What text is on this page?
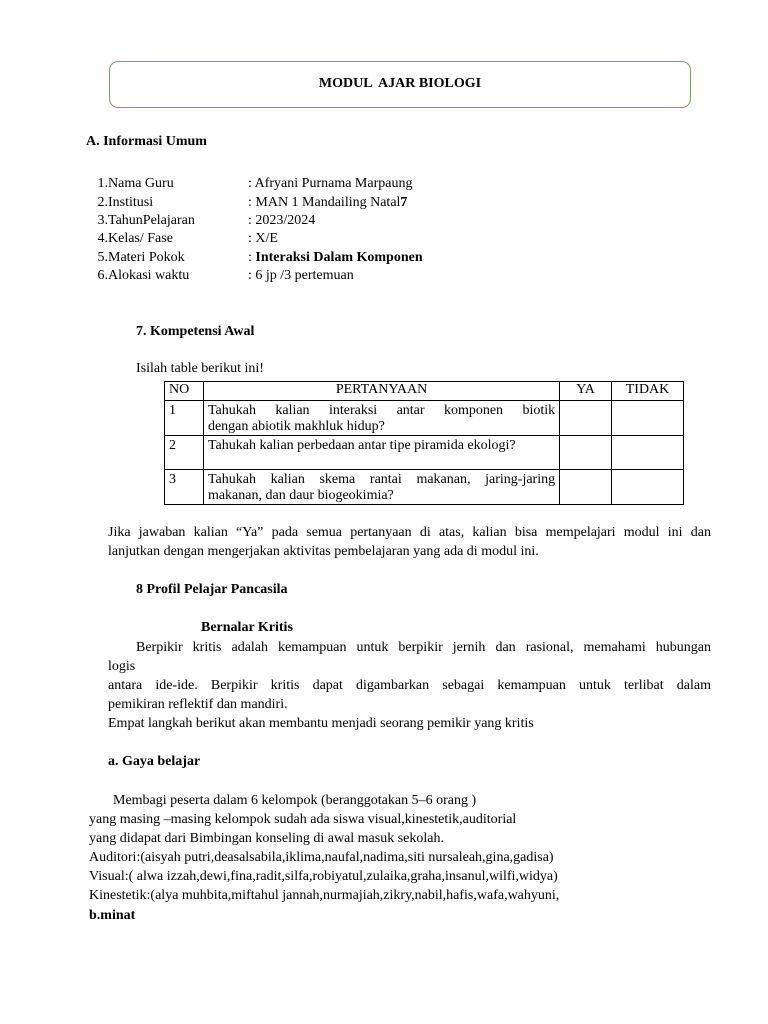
MODUL  AJAR BIOLOGI
A. Informasi Umum
1. Nama Guru	: Afryani Purnama Marpaung
2. Institusi	: MAN 1 Mandailing Natal7
3. TahunPelajaran	: 2023/2024
4. Kelas/ Fase	: X/E
5. Materi Pokok	: Interaksi Dalam Komponen
6. Alokasi waktu	: 6 jp /3 pertemuan
7. Kompetensi Awal
Isilah table berikut ini!
NO	PERTANYAAN	YA	TIDAK
1	Tahukah kalian interaksi antar komponen biotik
dengan abiotik makhluk hidup?		

2	Tahukah kalian perbedaan antar tipe piramida ekologi?		

3	Tahukah kalian skema rantai makanan, jaring-jaring
makanan, dan daur biogeokimia?		

Jika jawaban kalian “Ya” pada semua pertanyaan di atas, kalian bisa mempelajari modul ini dan
lanjutkan dengan mengerjakan aktivitas pembelajaran yang ada di modul ini.
8 Profil Pelajar Pancasila
Bernalar Kritis
Berpikir kritis adalah kemampuan untuk berpikir jernih dan rasional, memahami hubungan
logis
antara ide-ide. Berpikir kritis dapat digambarkan sebagai kemampuan untuk terlibat dalam
pemikiran reflektif dan mandiri.
Empat langkah berikut akan membantu menjadi seorang pemikir yang kritis
a. Gaya belajar
Membagi peserta dalam 6 kelompok (beranggotakan 5–6 orang )
yang masing –masing kelompok sudah ada siswa visual,kinestetik,auditorial
yang didapat dari Bimbingan konseling di awal masuk sekolah.
Auditori:(aisyah putri,deasalsabila,iklima,naufal,nadima,siti nursaleah,gina,gadisa)
Visual:( alwa izzah,dewi,fina,radit,silfa,robiyatul,zulaika,graha,insanul,wilfi,widya)
Kinestetik:(alya muhbita,miftahul jannah,nurmajiah,zikry,nabil,hafis,wafa,wahyuni,
b.minat
